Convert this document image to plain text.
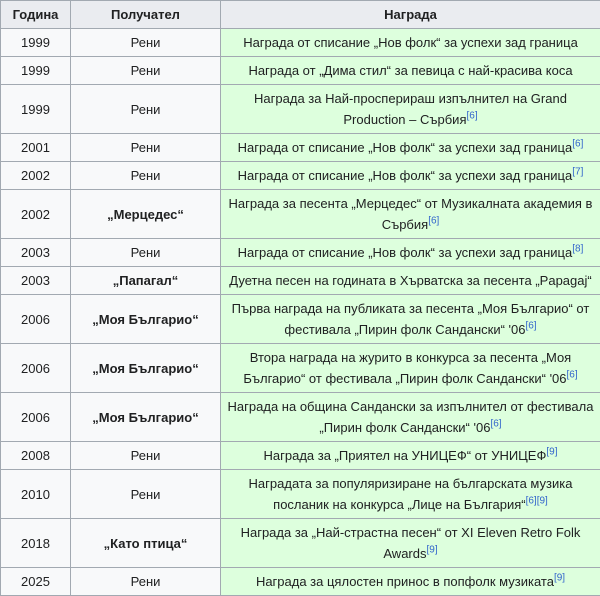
Година	Получател	Награда
1999	Рени	Награда от списание „Нов фолк“ за успехи зад граница
1999	Рени	Награда от „Дима стил“ за певица с най-красива коса
1999	Рени	Награда за Най-просперираш изпълнител на Grand Production – Сърбия[6]
2001	Рени	Награда от списание „Нов фолк“ за успехи зад граница[6]
2002	Рени	Награда от списание „Нов фолк“ за успехи зад граница[7]
2002	„Мерцедес“	Награда за песента „Мерцедес“ от Музикалната академия в Сърбия[6]
2003	Рени	Награда от списание „Нов фолк“ за успехи зад граница[8]
2003	„Папагал“	Дуетна песен на годината в Хърватска за песента „Papagaj“
2006	„Моя Българио“	Първа награда на публиката за песента „Моя Българио“ от фестивала „Пирин фолк Сандански“ '06[6]
2006	„Моя Българио“	Втора награда на журито в конкурса за песента „Моя Българио“ от фестивала „Пирин фолк Сандански“ '06[6]
2006	„Моя Българио“	Награда на община Сандански за изпълнител от фестивала „Пирин фолк Сандански“ '06[6]
2008	Рени	Награда за „Приятел на УНИЦЕФ“ от УНИЦЕФ[9]
2010	Рени	Наградата за популяризиране на българската музика посланик на конкурса „Лице на България“[6][9]
2018	„Като птица“	Награда за „Най-страстна песен“ от XI Eleven Retro Folk Awards[9]
2025	Рени	Награда за цялостен принос в попфолк музиката[9]
